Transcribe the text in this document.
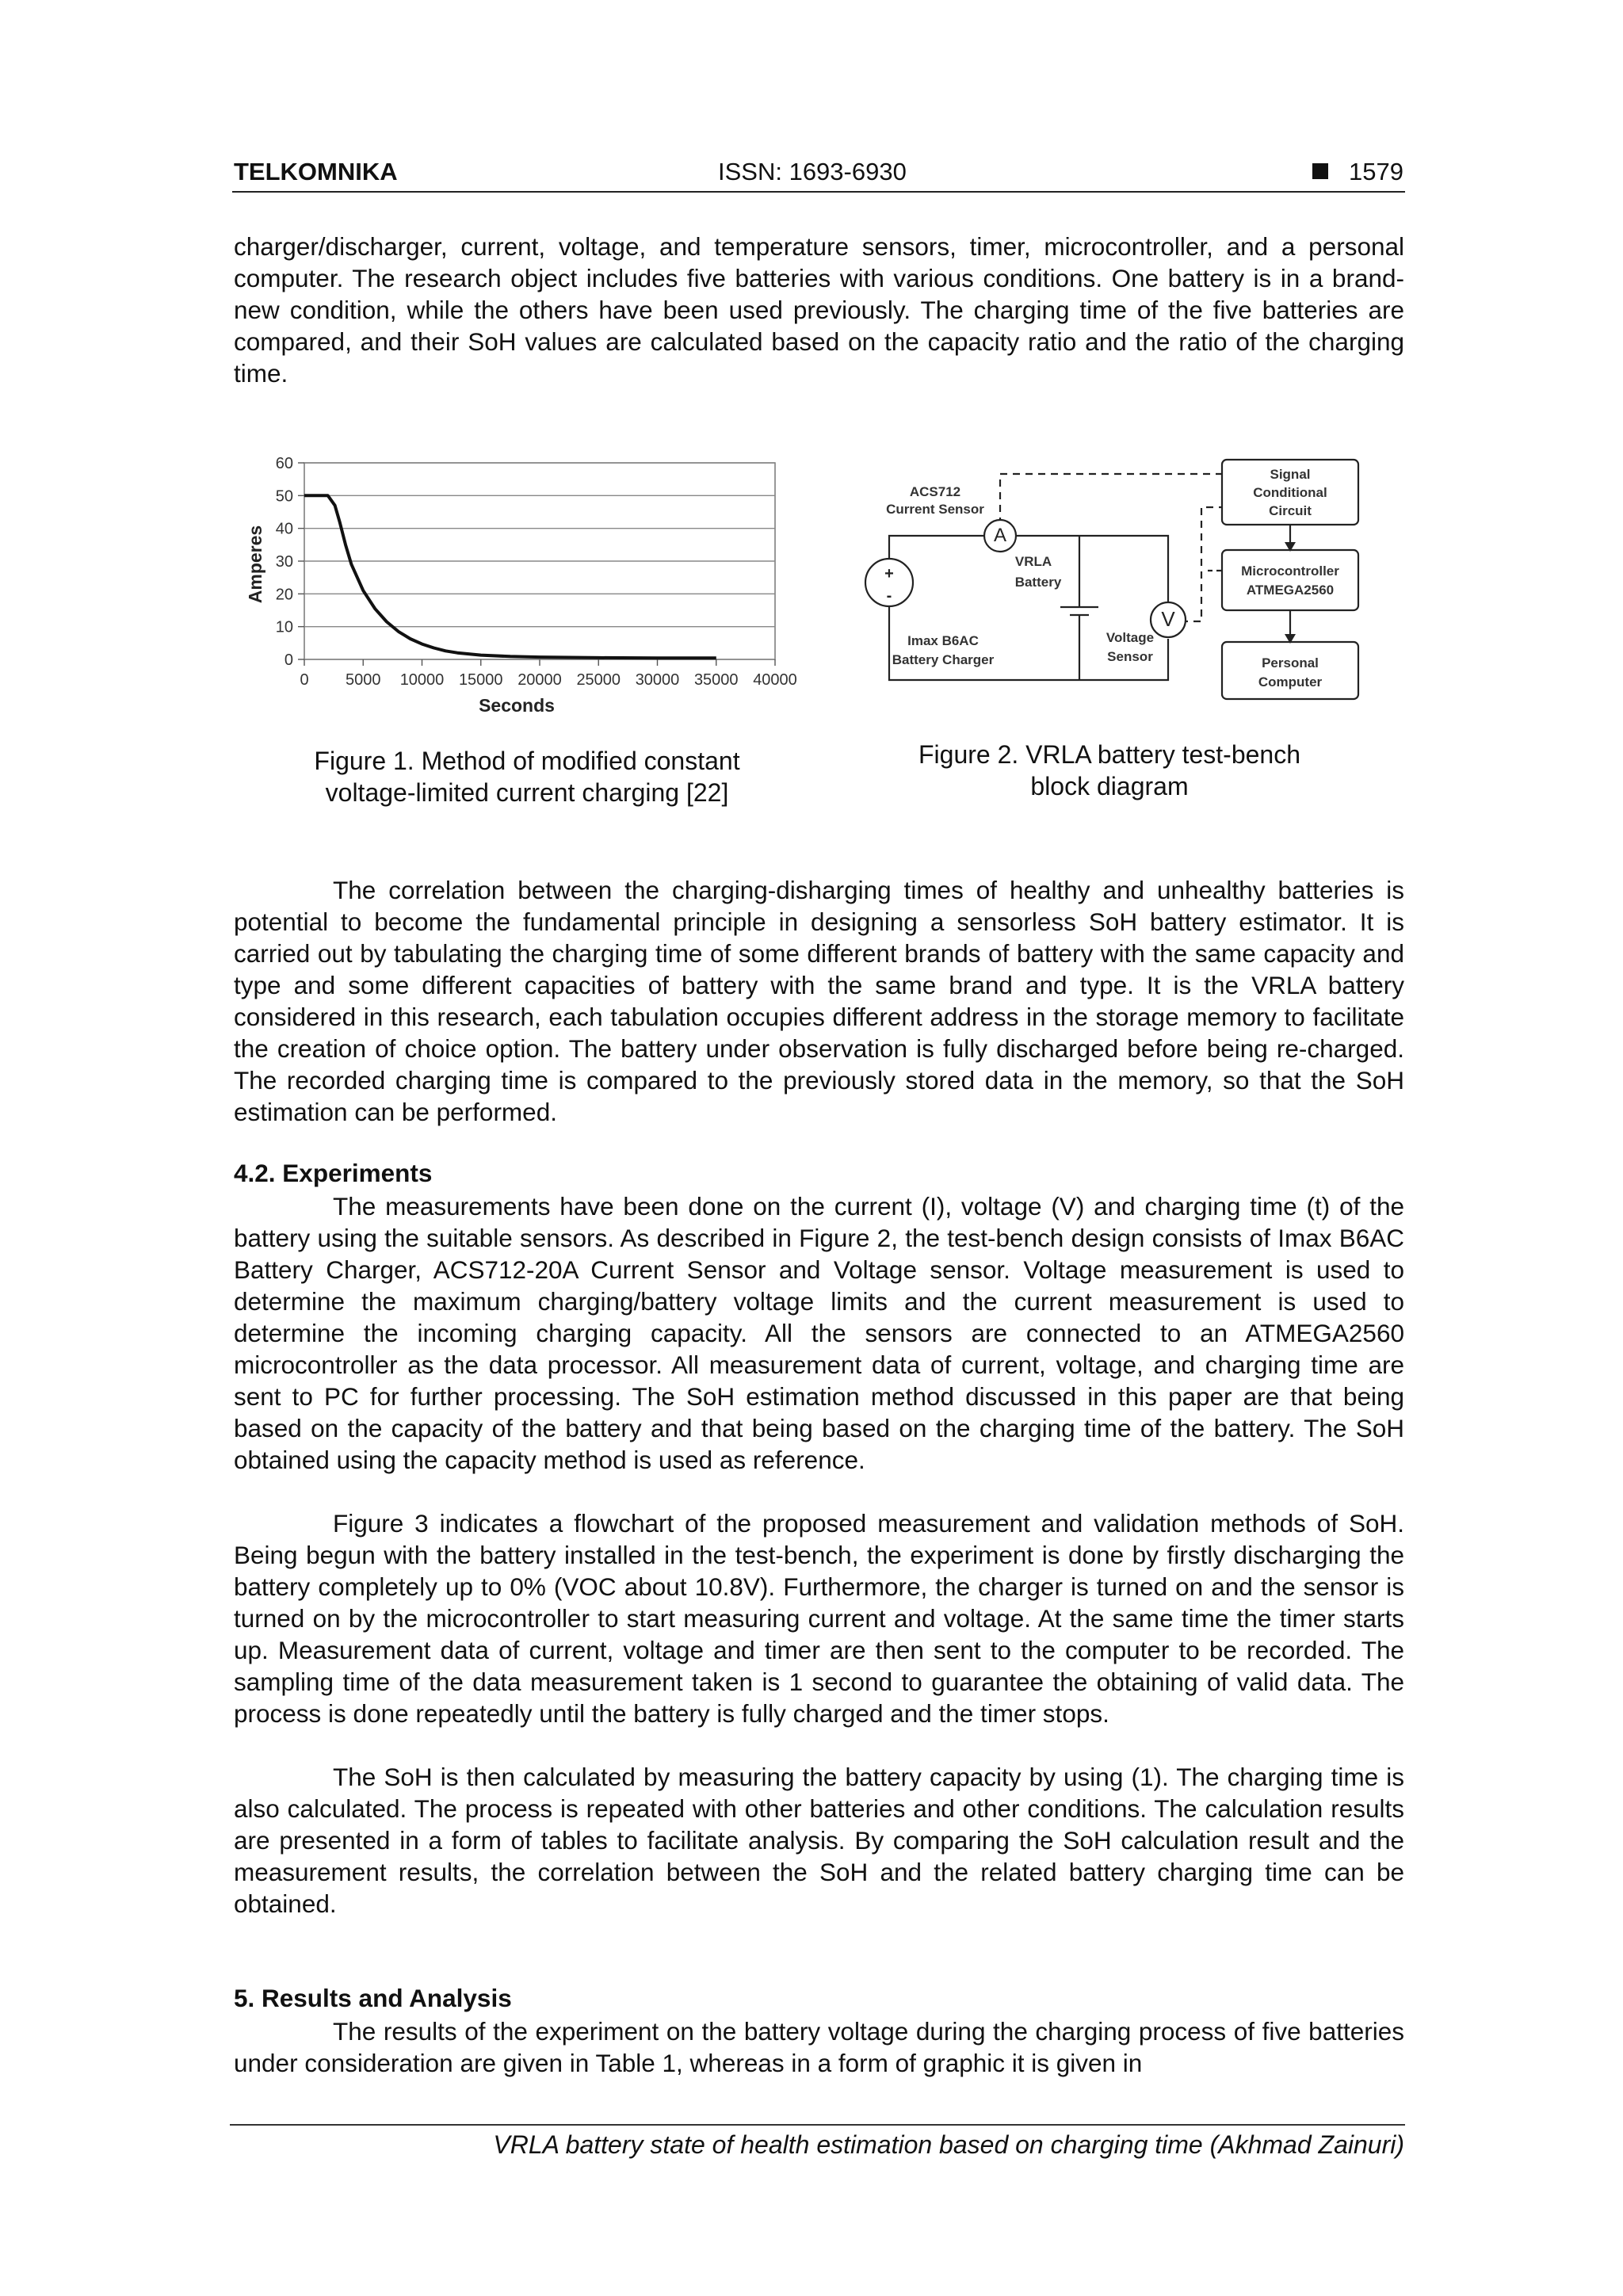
TELKOMNIKA	ISSN: 1693-6930	1579

charger/discharger, current, voltage, and temperature sensors, timer, microcontroller, and a personal computer. The research object includes five batteries with various conditions. One battery is in a brand-new condition, while the others have been used previously. The charging time of the five batteries are compared, and their SoH values are calculated based on the capacity ratio and the ratio of the charging time.

0
10
20
30
40
50
60
0 5000 10000 15000 20000 25000 30000 35000 40000
Seconds
Amperes
Figure 1. Method of modified constant
voltage-limited current charging [22]
A
V
+
-
ACS712
Current Sensor
VRLA
Battery
Imax B6AC
Battery Charger
Voltage
Sensor
Signal
Conditional
Circuit
Microcontroller
ATMEGA2560
Personal
Computer
Figure 2. VRLA battery test-bench
block diagram

The correlation between the charging-disharging times of healthy and unhealthy batteries is potential to become the fundamental principle in designing a sensorless SoH battery estimator. It is carried out by tabulating the charging time of some different brands of battery with the same capacity and type and some different capacities of battery with the same brand and type. It is the VRLA battery considered in this research, each tabulation occupies different address in the storage memory to facilitate the creation of choice option. The battery under observation is fully discharged before being re-charged. The recorded charging time is compared to the previously stored data in the memory, so that the SoH estimation can be performed.

4.2. Experiments

The measurements have been done on the current (I), voltage (V) and charging time (t) of the battery using the suitable sensors. As described in Figure 2, the test-bench design consists of Imax B6AC Battery Charger, ACS712-20A Current Sensor and Voltage sensor. Voltage measurement is used to determine the maximum charging/battery voltage limits and the current measurement is used to determine the incoming charging capacity. All the sensors are connected to an ATMEGA2560 microcontroller as the data processor. All measurement data of current, voltage, and charging time are sent to PC for further processing. The SoH estimation method discussed in this paper are that being based on the capacity of the battery and that being based on the charging time of the battery. The SoH obtained using the capacity method is used as reference.

Figure 3 indicates a flowchart of the proposed measurement and validation methods of SoH. Being begun with the battery installed in the test-bench, the experiment is done by firstly discharging the battery completely up to 0% (VOC about 10.8V). Furthermore, the charger is turned on and the sensor is turned on by the microcontroller to start measuring current and voltage. At the same time the timer starts up. Measurement data of current, voltage and timer are then sent to the computer to be recorded. The sampling time of the data measurement taken is 1 second to guarantee the obtaining of valid data. The process is done repeatedly until the battery is fully charged and the timer stops.

The SoH is then calculated by measuring the battery capacity by using (1). The charging time is also calculated. The process is repeated with other batteries and other conditions. The calculation results are presented in a form of tables to facilitate analysis. By comparing the SoH calculation result and the measurement results, the correlation between the SoH and the related battery charging time can be obtained.

5. Results and Analysis

The results of the experiment on the battery voltage during the charging process of five batteries under consideration are given in Table 1, whereas in a form of graphic it is given in

VRLA battery state of health estimation based on charging time (Akhmad Zainuri)
